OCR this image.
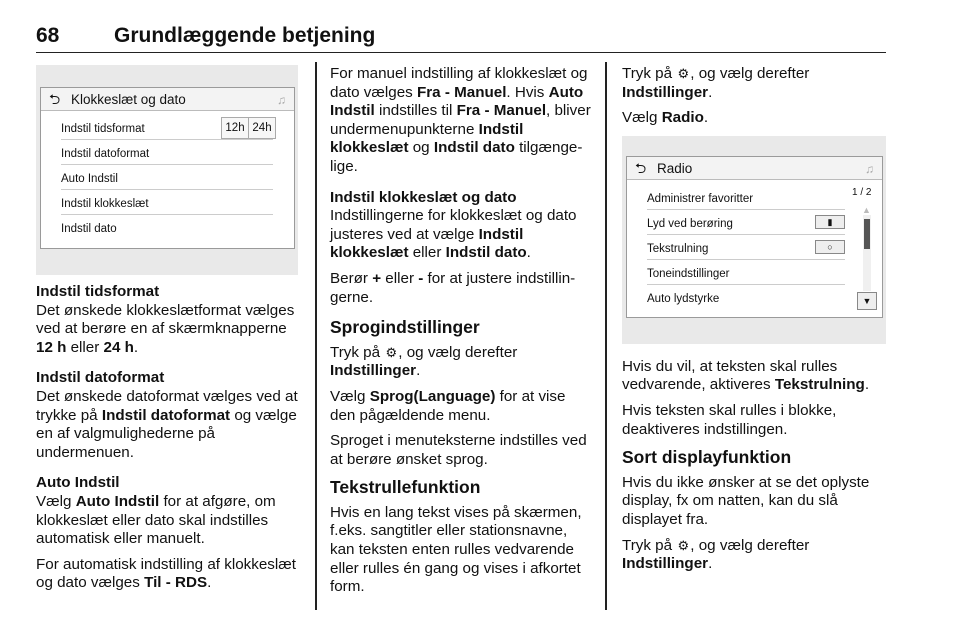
68	Grundlæggende betjening
⮌ Klokkeslæt og dato	♫
Indstil tidsformat	12h 24h
Indstil datoformat
Auto Indstil
Indstil klokkeslæt
Indstil dato
Indstil tidsformat

Det ønskede klokkeslætformat vælges ved at berøre en af skærmknapperne 12 h eller 24 h.

Indstil datoformat

Det ønskede datoformat vælges ved at trykke på Indstil datoformat og vælge en af valgmulighederne på undermenuen.

Auto Indstil

Vælg Auto Indstil for at afgøre, om klokkeslæt eller dato skal indstilles automatisk eller manuelt.

For automatisk indstilling af klokkeslæt og dato vælges Til - RDS.

For manuel indstilling af klokkeslæt og dato vælges Fra - Manuel. Hvis Auto Indstil indstilles til Fra - Manuel, bliver undermenupunkterne Indstil klokkeslæt og Indstil dato tilgængelige.

Indstil klokkeslæt og dato

Indstillingerne for klokkeslæt og dato justeres ved at vælge Indstil klokkeslæt eller Indstil dato.

Berør + eller - for at justere indstillingerne.

Sprogindstillinger

Tryk på ⚙, og vælg derefter Indstillinger.

Vælg Sprog(Language) for at vise den pågældende menu.

Sproget i menuteksterne indstilles ved at berøre ønsket sprog.

Tekstrullefunktion

Hvis en lang tekst vises på skærmen, f.eks. sangtitler eller stationsnavne, kan teksten enten rulles vedvarende eller rulles én gang og vises i afkortet form.

Tryk på ⚙, og vælg derefter Indstillinger.

Vælg Radio.

⮌ Radio	♫
1 / 2
Administrer favoritter
Lyd ved berøring	▮
Tekstrulning	○
Toneindstillinger
Auto lydstyrke
▲
▼

Hvis du vil, at teksten skal rulles vedvarende, aktiveres Tekstrulning.

Hvis teksten skal rulles i blokke, deaktiveres indstillingen.

Sort displayfunktion

Hvis du ikke ønsker at se det oplyste display, fx om natten, kan du slå displayet fra.

Tryk på ⚙, og vælg derefter Indstillinger.
